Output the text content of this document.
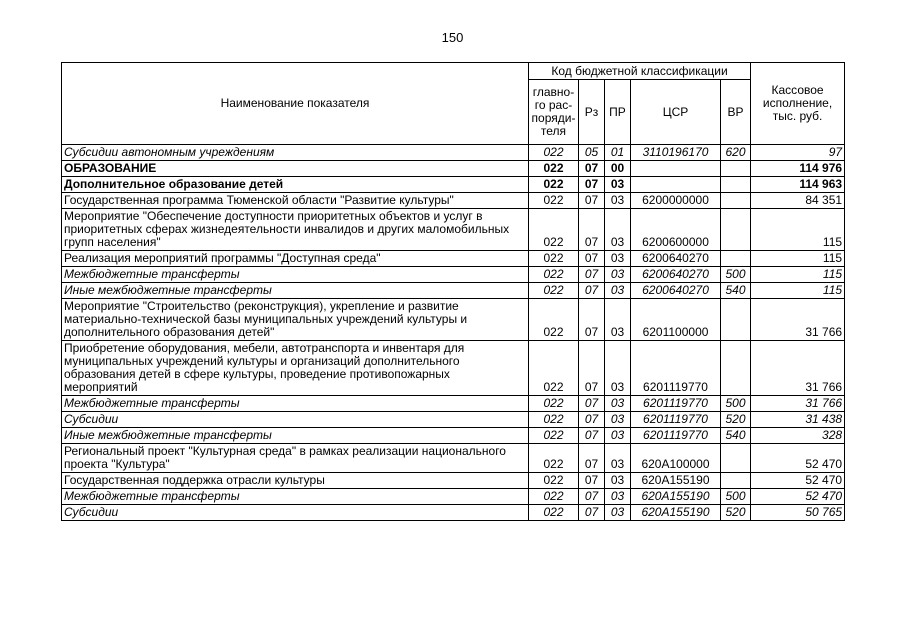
150
Наименование показателя	Код бюджетной классификации					Кассовое исполнение, тыс. руб.
	главно-го рас-поряди-теля	Рз	ПР	ЦСР	ВР	
Субсидии автономным учреждениям	022	05	01	3110196170	620	97
ОБРАЗОВАНИЕ	022	07	00			114 976
Дополнительное образование детей	022	07	03			114 963
Государственная программа Тюменской области "Развитие культуры"	022	07	03	6200000000		84 351
Мероприятие "Обеспечение доступности приоритетных объектов и услуг в приоритетных сферах жизнедеятельности инвалидов и других маломобильных групп населения"	022	07	03	6200600000		115
Реализация мероприятий программы "Доступная среда"	022	07	03	6200640270		115
Межбюджетные трансферты	022	07	03	6200640270	500	115
Иные межбюджетные трансферты	022	07	03	6200640270	540	115
Мероприятие "Строительство (реконструкция), укрепление и развитие материально-технической базы муниципальных учреждений культуры и дополнительного образования детей"	022	07	03	6201100000		31 766
Приобретение оборудования, мебели, автотранспорта и инвентаря для муниципальных учреждений культуры и организаций дополнительного образования детей в сфере культуры, проведение противопожарных мероприятий	022	07	03	6201119770		31 766
Межбюджетные трансферты	022	07	03	6201119770	500	31 766
Субсидии	022	07	03	6201119770	520	31 438
Иные межбюджетные трансферты	022	07	03	6201119770	540	328
Региональный проект "Культурная среда" в рамках реализации национального проекта "Культура"	022	07	03	620A100000		52 470
Государственная поддержка отрасли культуры	022	07	03	620A155190		52 470
Межбюджетные трансферты	022	07	03	620A155190	500	52 470
Субсидии	022	07	03	620A155190	520	50 765
